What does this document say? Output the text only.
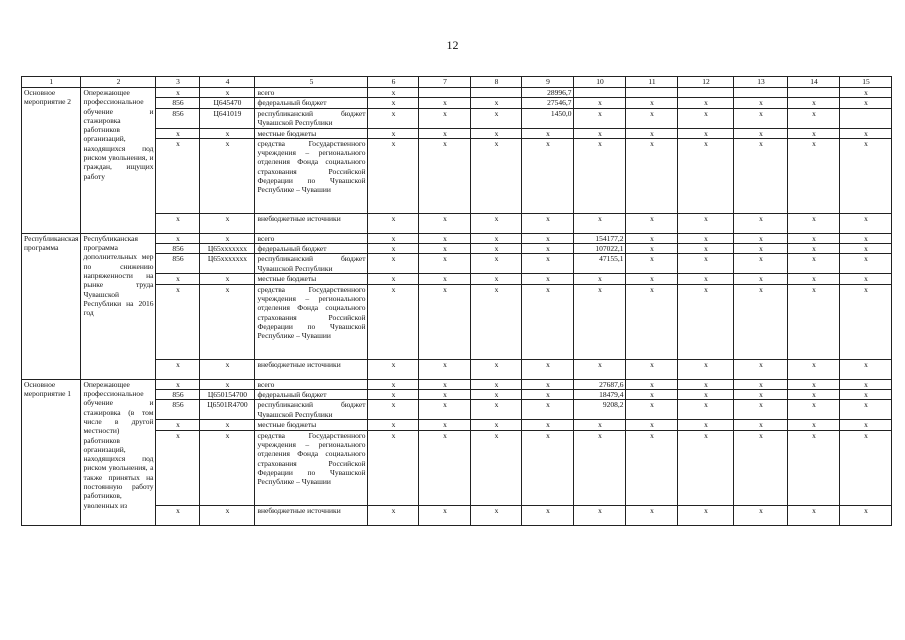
12
1	2	3	4	5	6	7	8	9	10	11	12	13	14	15
Основное мероприятие 2	Опережающее профессиональное обучение и стажировка работников организаций, находящихся под риском увольнения, и граждан, ищущих работу	x	x	всего	x			28996,7						x
		856	Ц645470	федеральный бюджет	x	x	x	27546,7	x	x	x	x	x	x
		856	Ц641019	республиканский бюджет Чувашской Республики	x	x	x	1450,0	x	x	x	x	x	
		x	x	местные бюджеты	x	x	x	x	x	x	x	x	x	x
		x	x	средства Государственного учреждения – регионального отделения Фонда социального страхования Российской Федерации по Чувашской Республике – Чувашии	x	x	x	x	x	x	x	x	x	x
		x	x	внебюджетные источники	x	x	x	x	x	x	x	x	x	x
Республиканская программа	Республиканская программа дополнительных мер по снижению напряженности на рынке труда Чувашской Республики на 2016 год	x	x	всего	x	x	x	x	154177,2	x	x	x	x	x
		856	Ц65xxxxxxx	федеральный бюджет	x	x	x	x	107022,1	x	x	x	x	x
		856	Ц65xxxxxxx	республиканский бюджет Чувашской Республики	x	x	x	x	47155,1	x	x	x	x	x
		x	x	местные бюджеты	x	x	x	x	x	x	x	x	x	x
		x	x	средства Государственного учреждения – регионального отделения Фонда социального страхования Российской Федерации по Чувашской Республике – Чувашии	x	x	x	x	x	x	x	x	x	x
		x	x	внебюджетные источники	x	x	x	x	x	x	x	x	x	x
Основное мероприятие 1	Опережающее профессиональное обучение и стажировка (в том числе в другой местности) работников организаций, находящихся под риском увольнения, а также принятых на постоянную работу работников, уволенных из	x	x	всего	x	x	x	x	27687,6	x	x	x	x	x
		856	Ц650154700	федеральный бюджет	x	x	x	x	18479,4	x	x	x	x	x
		856	Ц6501R4700	республиканский бюджет Чувашской Республики	x	x	x	x	9208,2	x	x	x	x	x
		x	x	местные бюджеты	x	x	x	x	x	x	x	x	x	x
		x	x	средства Государственного учреждения – регионального отделения Фонда социального страхования Российской Федерации по Чувашской Республике – Чувашии	x	x	x	x	x	x	x	x	x	x
		x	x	внебюджетные источники	x	x	x	x	x	x	x	x	x	x
